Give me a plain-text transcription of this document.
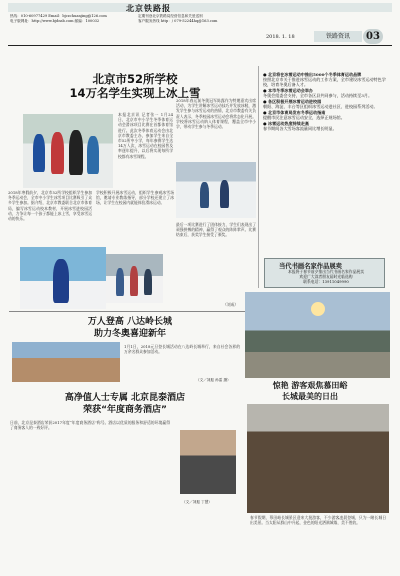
北京铁路报
热线：010-60977429 Email：bjczchuanjing@126.com
电子版网址：http://www.bjdnsb.com 邮编：100032
定期刊登北京铁路局经营信息和关爱送别
客户服务热线 http：/ 079-52244hq@163.com
2018. 1. 18	铁路资讯	03
北京市52所学校
14万名学生实现上冰上雪
本报北京讯 记者张一 1月24日，北京市中小学生冬季体育运动会滑冰项目比赛在首都体育馆进行。此次冬季体育运动会由北京市教委主办，参加学生来自全市52所中小学，每年参赛学生达14万人次，冰雪运动在校园普及率逐年提升，以后将实现每所学校都有冰雪课程。
2018年春运前冬奥冠军陈露作为特邀嘉宾出席活动，为学生讲解冰雪运动技巧并发放冰鞋，激发学生参与冰雪运动的热情，北京市教委有关负责人表示，冬季校园冰雪运动会将常态化开展。学校将冰雪运动纳入体育课程，覆盖全市中小学，带动学生参与冬季运动。
2018年寒假前夕，北京市52所学校组织学生参加冬季运动会，全市中小学生冰雪项目比赛吸引了众多学生参加。据介绍，北京市教委联合北京市体育局，编写冰雪运动校本教材，开展冰雪进校园活动，力争让每一个孩子都能上冰上雪，享受冰雪运动的快乐。
学校积极开展冰雪运动，组织学生参观冰雪场馆，邀请专业教练指导，部分学校还建立了冰场，让学生在校园内就能体验滑冰运动。
最后一项比赛进行了团体接力，学生们表现出了顽强拼搏的精神，赢得了观众的阵阵掌声。比赛结束后，获奖学生接受了颁奖。
（刘成）
● 北京将在冰雪运动中推出5000个冬季体育运动品牌
按照北京市关于推进冰雪运动的工作方案，全市建设冰雪运动特色学校，培育冬奥后备人才。
● 本市冬季冰雪运动会举办
冬奥会组委会支持，全市各区县共同参与，活动持续至3月。
● 各区积极开展冰雪运动进校园
朝阳、海淀、丰台等区组织冰雪运动进社区、进校园系列活动。
● 北京市体育局发布冬季运动指南
提醒市民注意冰雪运动安全，选择正规场馆。
● 冰雪运动热度持续走高
春节期间各大雪场客流量同比增长明显。
当代书画名家作品展卖
本报将于春节前夕推出当代书画名家作品展卖
欢迎广大读者朋友届时光临选购
联系电话：13911049990
惊艳 游客艰焦慕田峪
长城最美的日出
春节假期，慕田峪长城景区迎来大批游客，不少游客凌晨登城，只为一睹长城日出美景。当太阳从群山中升起，金色的阳光洒满城墙，美不胜收。
万人登高 八达岭长城
助力冬奥喜迎新年
1月1日，2018元旦登长城活动在八达岭长城举行，来自社会各界的万余名群众参加活动。
（文／刘振 孙雷 摄）
高净值人士专属 北京昆泰酒店
荣获“年度商务酒店”
日前，北京昆泰酒店荣获2017年度“年度商务酒店”称号。酒店以优质的服务和舒适的环境赢得了商务客人的一致好评。
（文／刘振 丁慧）
